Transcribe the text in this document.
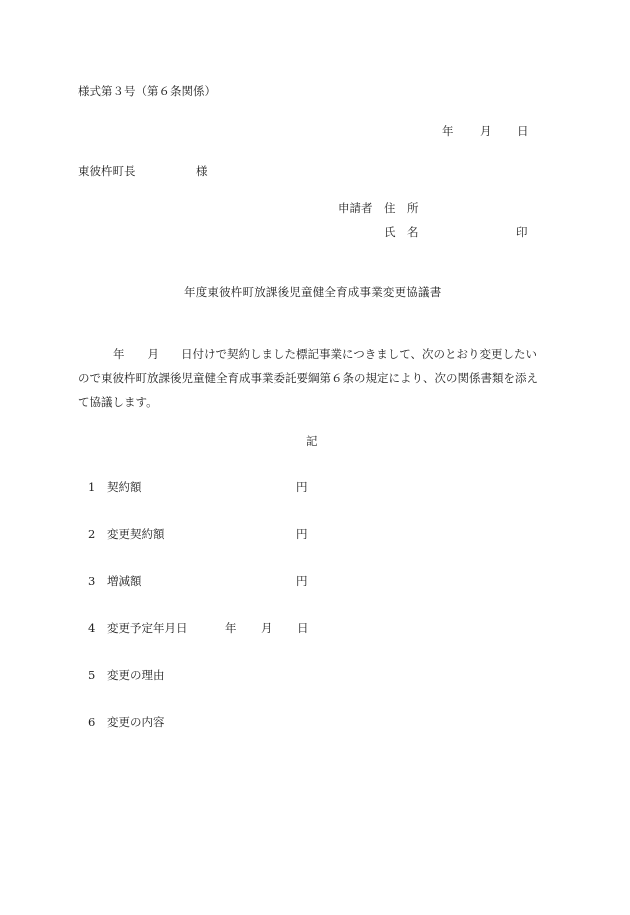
様式第３号（第６条関係）
年 月 日
東彼杵町長	様
申請者 住　所
氏　名	印
年度東彼杵町放課後児童健全育成事業変更協議書
年 月 日付けで契約しました標記事業につきまして、次のとおり変更したい
ので東彼杵町放課後児童健全育成事業委託要綱第６条の規定により、次の関係書類を添え
て協議します。
記
1 契約額	円
2 変更契約額	円
3 増減額	円
4 変更予定年月日	年 月 日
5 変更の理由
6 変更の内容
